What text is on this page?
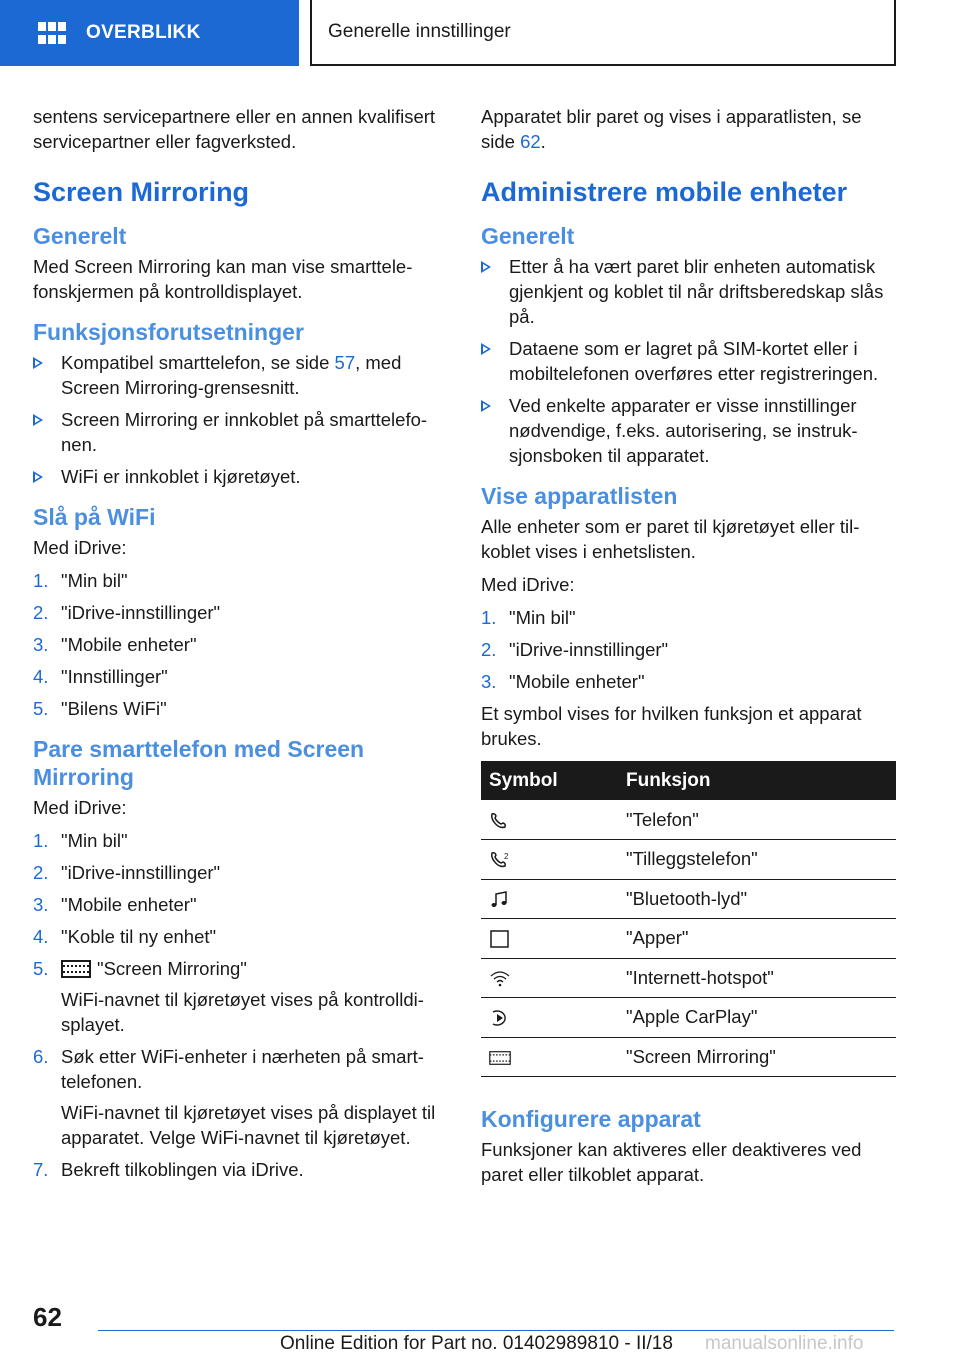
OVERBLIKK	Generelle innstillinger

sentens servicepartnere eller en annen kvalifisert servicepartner eller fagverksted.

Screen Mirroring
Generelt

Med Screen Mirroring kan man vise smarttelefonskjermen på kontrolldisplayet.

Funksjonsforutsetninger
Kompatibel smarttelefon, se side 57, med Screen Mirroring-grensesnitt.
Screen Mirroring er innkoblet på smarttelefonen.
WiFi er innkoblet i kjøretøyet.
Slå på WiFi

Med iDrive:

1. "Min bil"
2. "iDrive-innstillinger"
3. "Mobile enheter"
4. "Innstillinger"
5. "Bilens WiFi"
Pare smarttelefon med Screen Mirroring

Med iDrive:

1. "Min bil"
2. "iDrive-innstillinger"
3. "Mobile enheter"
4. "Koble til ny enhet"
5.	"Screen Mirroring"
WiFi-navnet til kjøretøyet vises på kontrolldisplayet.
6. Søk etter WiFi-enheter i nærheten på smarttelefonen.
WiFi-navnet til kjøretøyet vises på displayet til apparatet. Velge WiFi-navnet til kjøretøyet.
7. Bekreft tilkoblingen via iDrive.

Apparatet blir paret og vises i apparatlisten, se side 62.

Administrere mobile enheter
Generelt
Etter å ha vært paret blir enheten automatisk gjenkjent og koblet til når driftsberedskap slås på.
Dataene som er lagret på SIM-kortet eller i mobiltelefonen overføres etter registreringen.
Ved enkelte apparater er visse innstillinger nødvendige, f.eks. autorisering, se instruksjonsboken til apparatet.
Vise apparatlisten

Alle enheter som er paret til kjøretøyet eller tilkoblet vises i enhetslisten.

Med iDrive:

1. "Min bil"
2. "iDrive-innstillinger"
3. "Mobile enheter"

Et symbol vises for hvilken funksjon et apparat brukes.

Symbol	Funksjon
	"Telefon"

2	"Tilleggstelefon"
	"Bluetooth-lyd"
	"Apper"
	"Internett-hotspot"
	"Apple CarPlay"
	"Screen Mirroring"
Konfigurere apparat

Funksjoner kan aktiveres eller deaktiveres ved paret eller tilkoblet apparat.

62
Online Edition for Part no. 01402989810 - II/18 manualsonline.info
